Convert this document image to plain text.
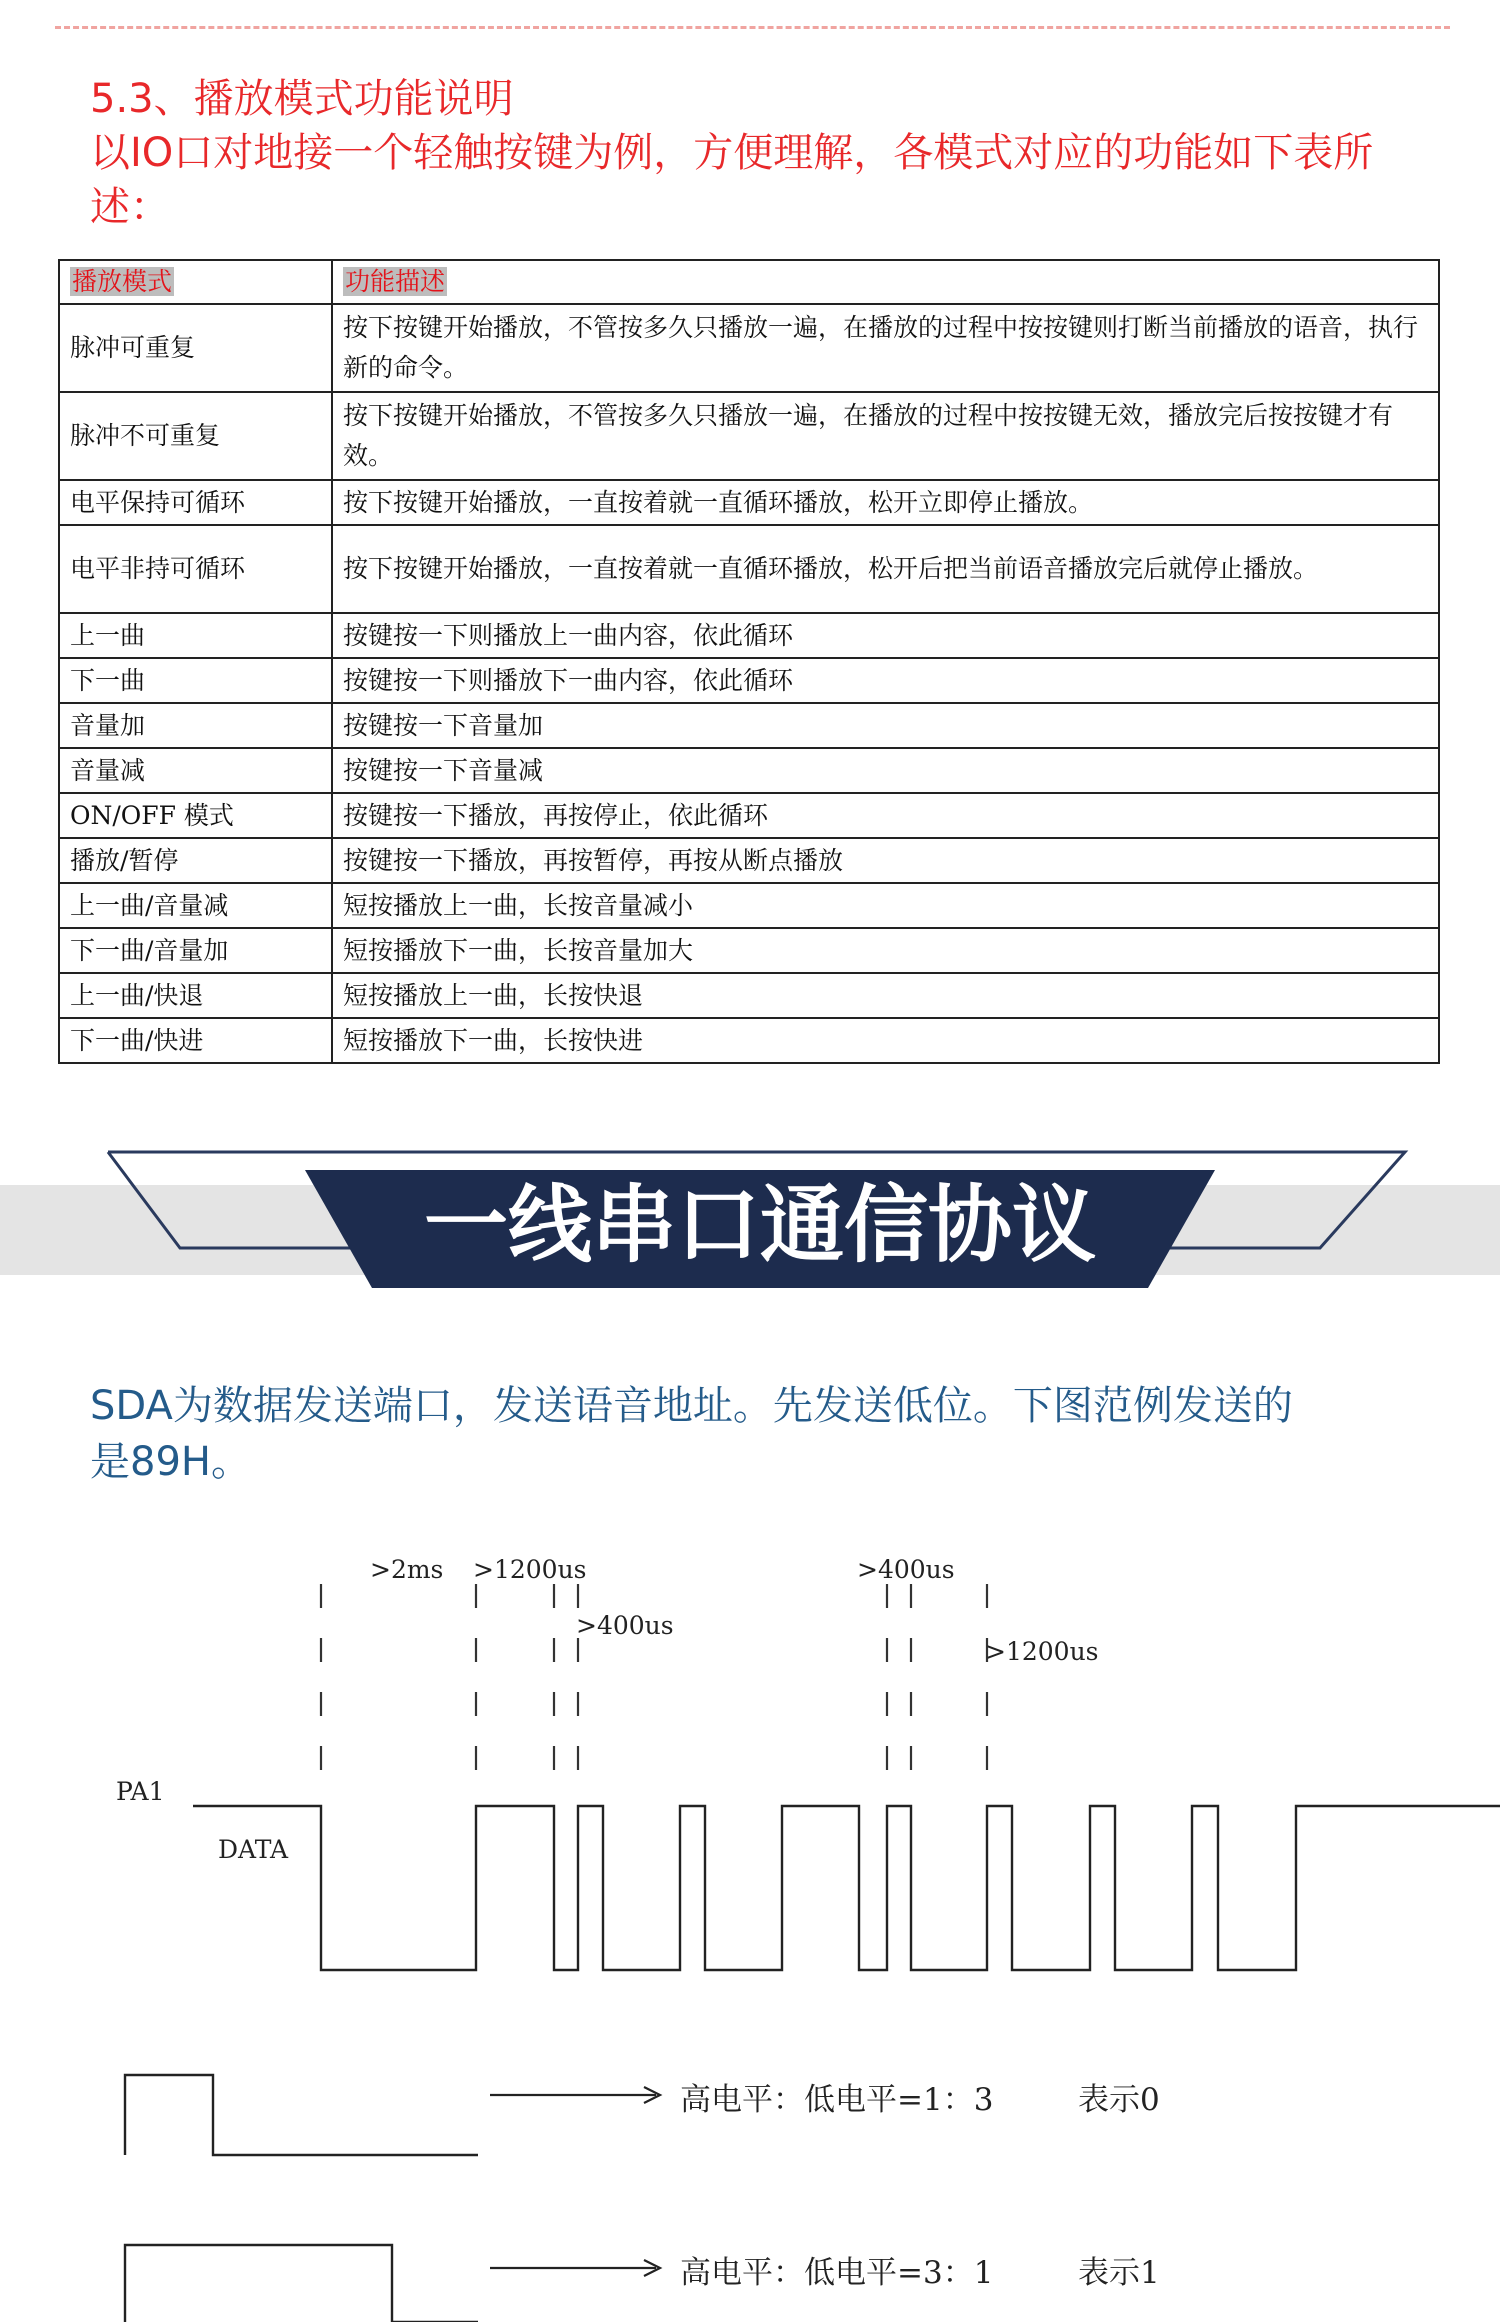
5.3、播放模式功能说明

以IO口对地接一个轻触按键为例，方便理解，各模式对应的功能如下表所述：

播放模式	功能描述
脉冲可重复	按下按键开始播放，不管按多久只播放一遍，在播放的过程中按按键则打断当前播放的语音，执行新的命令。
脉冲不可重复	按下按键开始播放，不管按多久只播放一遍，在播放的过程中按按键无效，播放完后按按键才有效。
电平保持可循环	按下按键开始播放，一直按着就一直循环播放，松开立即停止播放。
电平非持可循环	按下按键开始播放，一直按着就一直循环播放，松开后把当前语音播放完后就停止播放。
上一曲	按键按一下则播放上一曲内容，依此循环
下一曲	按键按一下则播放下一曲内容，依此循环
音量加	按键按一下音量加
音量减	按键按一下音量减
ON/OFF 模式	按键按一下播放，再按停止，依此循环
播放/暂停	按键按一下播放，再按暂停，再按从断点播放
上一曲/音量减	短按播放上一曲，长按音量减小
下一曲/音量加	短按播放下一曲，长按音量加大
上一曲/快退	短按播放上一曲，长按快退
下一曲/快进	短按播放下一曲，长按快进
一线串口通信协议

SDA为数据发送端口，发送语音地址。先发送低位。下图范例发送的

是89H。

>2ms >1200us
>400us
>400us
>1200us
PA1
DATA
高电平：低电平=1：3	表示0
高电平：低电平=3：1	表示1
